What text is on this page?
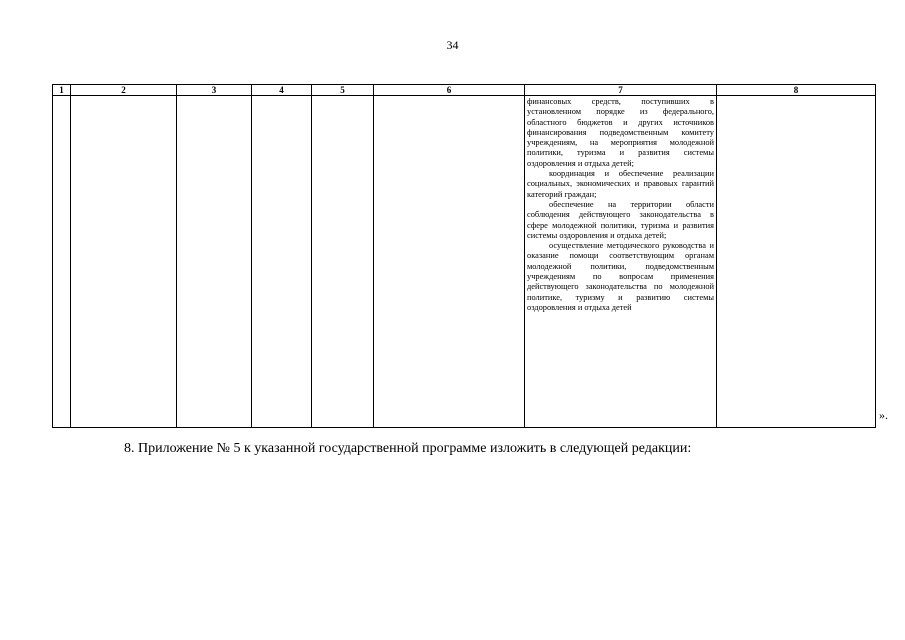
34
1	2	3	4	5	6	7	8

						финансовых средств, поступивших в установленном порядке из федерального, областного бюджетов и других источников финансирования подведомственным комитету учреждениям, на мероприятия молодежной политики, туризма и развития системы оздоровления и отдыха детей;

координация и обеспечение реализации социальных, экономических и правовых гарантий категорий граждан;

обеспечение на территории области соблюдения действующего законодательства в сфере молодежной политики, туризма и развития системы оздоровления и отдыха детей;

осуществление методического руководства и оказание помощи соответствующим органам молодежной политики, подведомственным учреждениям по вопросам применения действующего законодательства по молодежной политике, туризму и развитию системы оздоровления и отдыха детей	

».
8. Приложение № 5 к указанной государственной программе изложить в следующей редакции:
